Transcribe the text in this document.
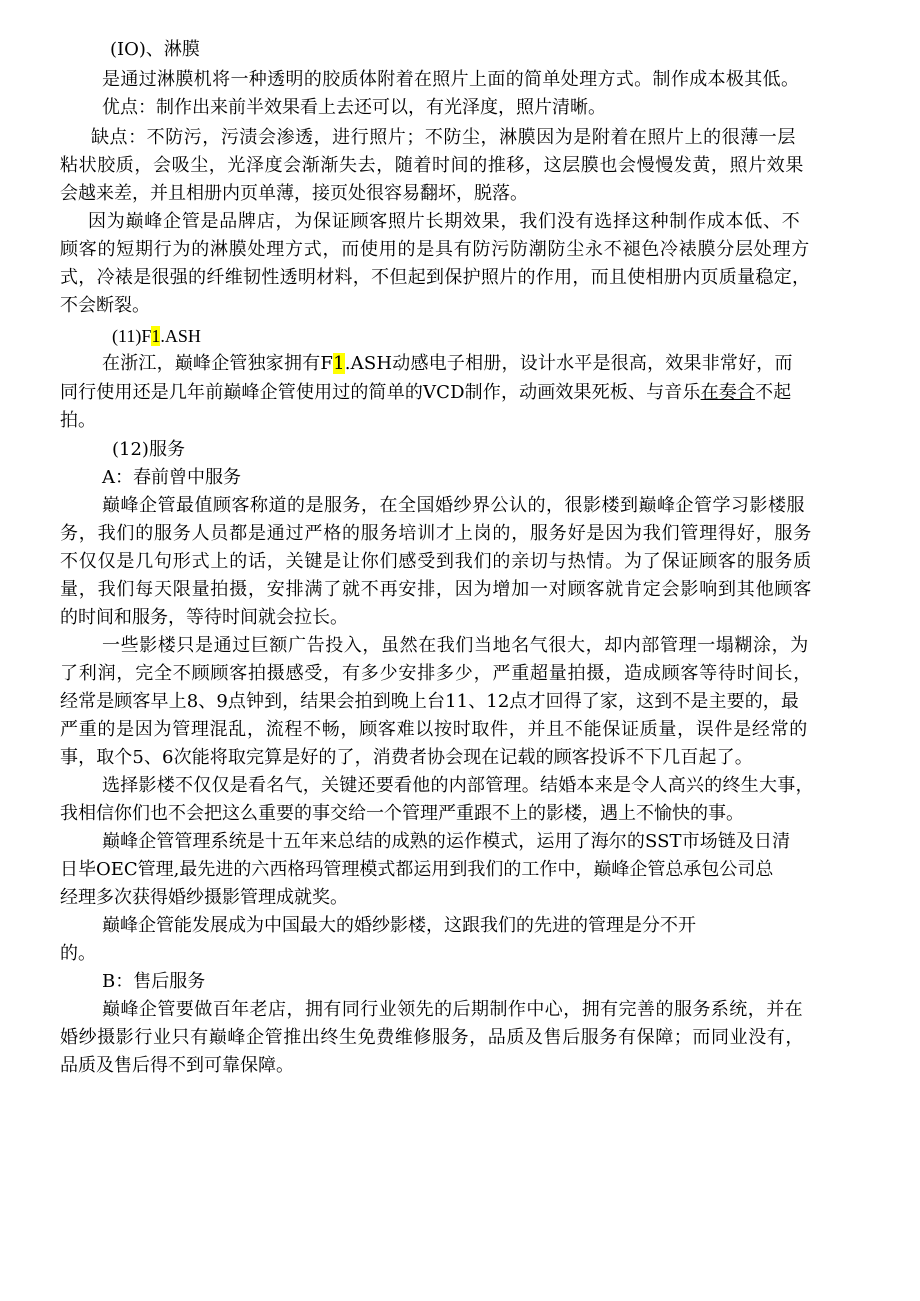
(IO)、淋膜
是通过淋膜机将一种透明的胶质体附着在照片上面的简单处理方式。制作成本极其低。
优点：制作出来前半效果看上去还可以，有光泽度，照片清晰。
缺点：不防污，污渍会渗透，进行照片；不防尘，淋膜因为是附着在照片上的很薄一层
粘状胶质，会吸尘，光泽度会渐渐失去，随着时间的推移，这层膜也会慢慢发黄，照片效果
会越来差，并且相册内页单薄，接页处很容易翻坏，脱落。
因为巅峰企管是品牌店，为保证顾客照片长期效果，我们没有选择这种制作成本低、不
顾客的短期行为的淋膜处理方式，而使用的是具有防污防潮防尘永不褪色冷裱膜分层处理方
式，冷裱是很强的纤维韧性透明材料，不但起到保护照片的作用，而且使相册内页质量稳定，
不会断裂。
(11)F1.ASH
在浙江，巅峰企管独家拥有F1.ASH动感电子相册，设计水平是很高，效果非常好，而
同行使用还是几年前巅峰企管使用过的简单的VCD制作，动画效果死板、与音乐在奏合不起
拍。
(12)服务
A：春前曾中服务
巅峰企管最值顾客称道的是服务，在全国婚纱界公认的，很影楼到巅峰企管学习影楼服
务，我们的服务人员都是通过严格的服务培训才上岗的，服务好是因为我们管理得好，服务
不仅仅是几句形式上的话，关键是让你们感受到我们的亲切与热情。为了保证顾客的服务质
量，我们每天限量拍摄，安排满了就不再安排，因为增加一对顾客就肯定会影响到其他顾客
的时间和服务，等待时间就会拉长。
一些影楼只是通过巨额广告投入，虽然在我们当地名气很大，却内部管理一塌糊涂，为
了利润，完全不顾顾客拍摄感受，有多少安排多少，严重超量拍摄，造成顾客等待时间长，
经常是顾客早上8、9点钟到，结果会拍到晚上台11、12点才回得了家，这到不是主要的，最
严重的是因为管理混乱，流程不畅，顾客难以按时取件，并且不能保证质量，误件是经常的
事，取个5、6次能将取完算是好的了，消费者协会现在记载的顾客投诉不下几百起了。
选择影楼不仅仅是看名气，关键还要看他的内部管理。结婚本来是令人高兴的终生大事，
我相信你们也不会把这么重要的事交给一个管理严重跟不上的影楼，遇上不愉快的事。
巅峰企管管理系统是十五年来总结的成熟的运作模式，运用了海尔的SST市场链及日清
日毕OEC管理,最先进的六西格玛管理模式都运用到我们的工作中，巅峰企管总承包公司总
经理多次获得婚纱摄影管理成就奖。
巅峰企管能发展成为中国最大的婚纱影楼，这跟我们的先进的管理是分不开
的。
B：售后服务
巅峰企管要做百年老店，拥有同行业领先的后期制作中心，拥有完善的服务系统，并在
婚纱摄影行业只有巅峰企管推出终生免费维修服务，品质及售后服务有保障；而同业没有，
品质及售后得不到可靠保障。
